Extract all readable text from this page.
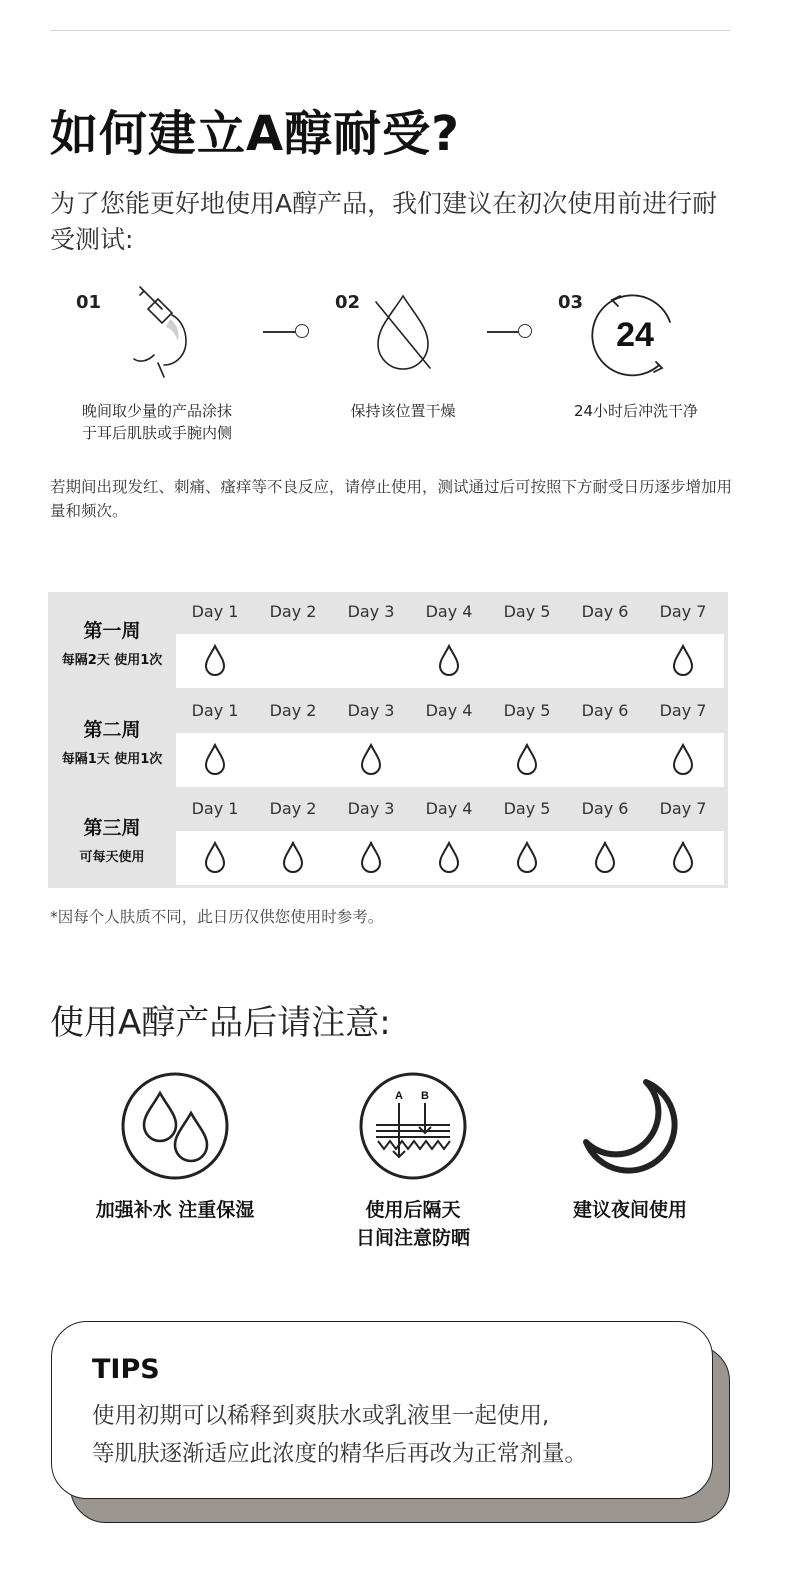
如何建立A醇耐受?
为了您能更好地使用A醇产品，我们建议在初次使用前进行耐受测试:
01
晚间取少量的产品涂抹
于耳后肌肤或手腕内侧
02
保持该位置干燥
03
24
24小时后冲洗干净
若期间出现发红、刺痛、瘙痒等不良反应，请停止使用，测试通过后可按照下方耐受日历逐步增加用量和频次。
第一周
每隔2天 使用1次
Day 1	Day 2	Day 3	Day 4	Day 5	Day 6	Day 7
第二周
每隔1天 使用1次
Day 1	Day 2	Day 3	Day 4	Day 5	Day 6	Day 7
第三周
可每天使用
Day 1	Day 2	Day 3	Day 4	Day 5	Day 6	Day 7
*因每个人肤质不同，此日历仅供您使用时参考。
使用A醇产品后请注意:
A B
加强补水 注重保湿	使用后隔天
日间注意防晒
建议夜间使用
TIPS
使用初期可以稀释到爽肤水或乳液里一起使用,
等肌肤逐渐适应此浓度的精华后再改为正常剂量。
